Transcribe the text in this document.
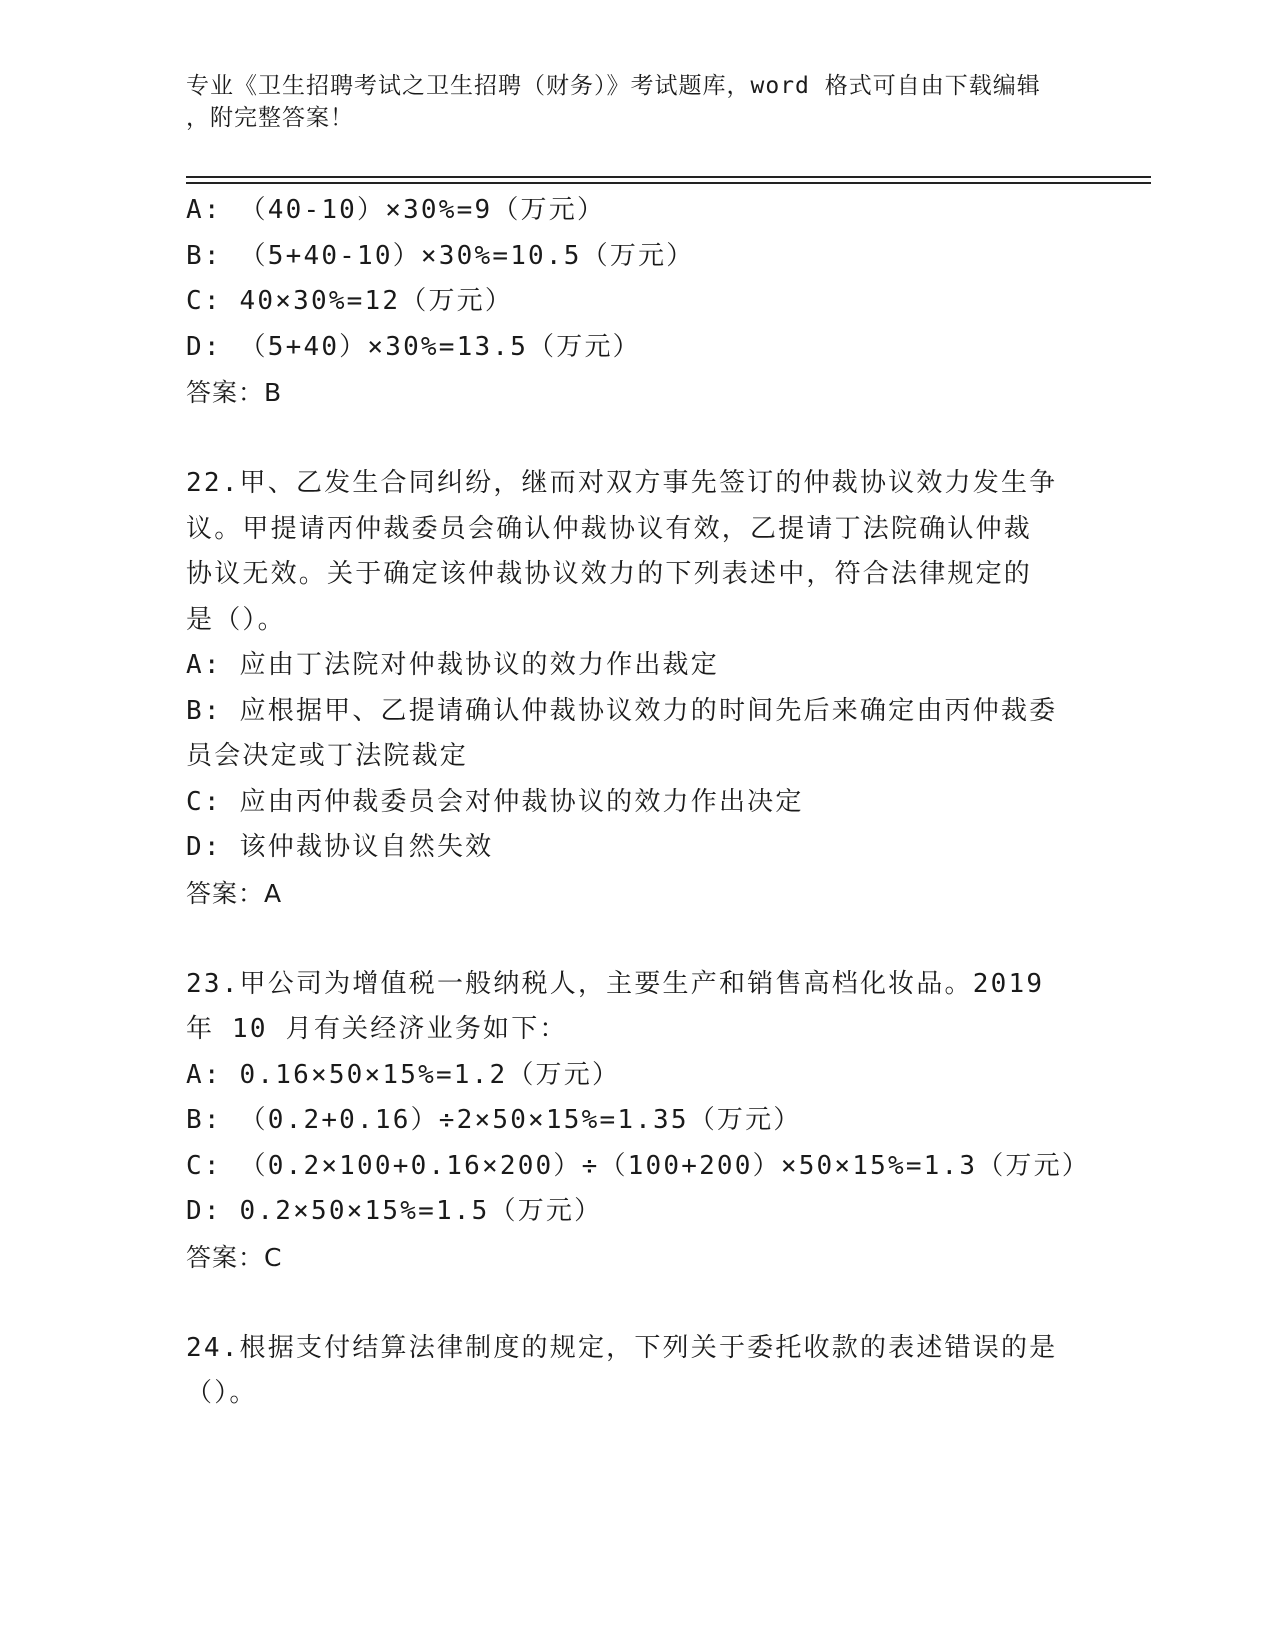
专业《卫生招聘考试之卫生招聘（财务）》考试题库，word 格式可自由下载编辑
，附完整答案！
A: （40-10）×30%=9（万元）
B: （5+40-10）×30%=10.5（万元）
C: 40×30%=12（万元）
D: （5+40）×30%=13.5（万元）
答案：B
22.甲、乙发生合同纠纷，继而对双方事先签订的仲裁协议效力发生争
议。甲提请丙仲裁委员会确认仲裁协议有效，乙提请丁法院确认仲裁
协议无效。关于确定该仲裁协议效力的下列表述中，符合法律规定的
是（）。
A: 应由丁法院对仲裁协议的效力作出裁定
B: 应根据甲、乙提请确认仲裁协议效力的时间先后来确定由丙仲裁委
员会决定或丁法院裁定
C: 应由丙仲裁委员会对仲裁协议的效力作出决定
D: 该仲裁协议自然失效
答案：A
23.甲公司为增值税一般纳税人，主要生产和销售高档化妆品。2019
年 10 月有关经济业务如下：
A: 0.16×50×15%=1.2（万元）
B: （0.2+0.16）÷2×50×15%=1.35（万元）
C: （0.2×100+0.16×200）÷（100+200）×50×15%=1.3（万元）
D: 0.2×50×15%=1.5（万元）
答案：C
24.根据支付结算法律制度的规定，下列关于委托收款的表述错误的是
（）。
